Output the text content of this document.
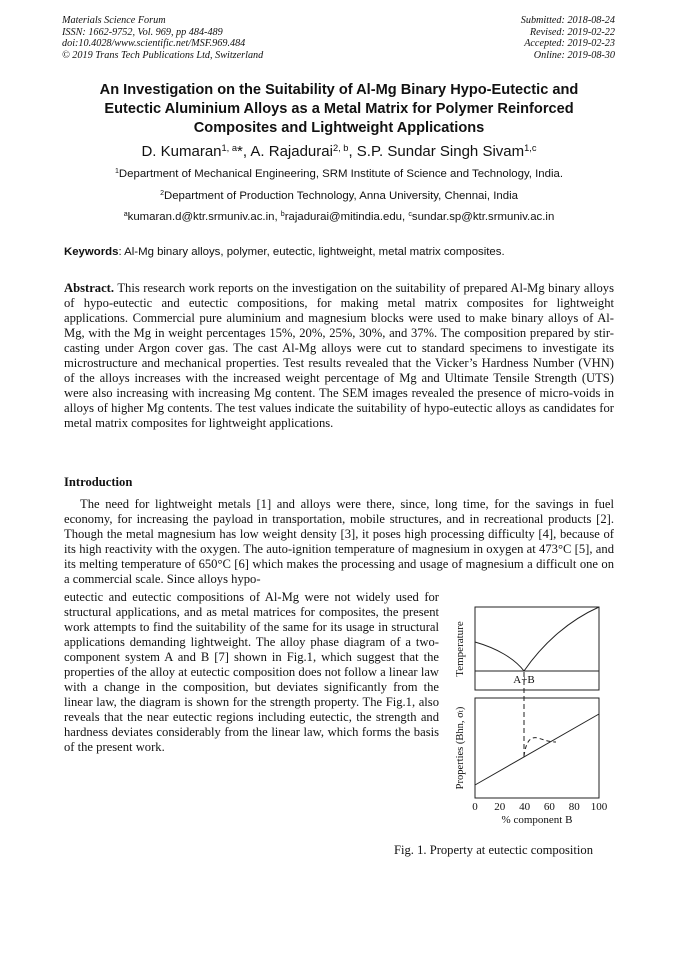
Materials Science Forum
ISSN: 1662-9752, Vol. 969, pp 484-489
doi:10.4028/www.scientific.net/MSF.969.484
© 2019 Trans Tech Publications Ltd, Switzerland
Submitted: 2018-08-24
Revised: 2019-02-22
Accepted: 2019-02-23
Online: 2019-08-30
An Investigation on the Suitability of Al-Mg Binary Hypo-Eutectic and
Eutectic Aluminium Alloys as a Metal Matrix for Polymer Reinforced
Composites and Lightweight Applications
D. Kumaran$^{1, a}$*, A. Rajadurai$^{2, b}$, S.P. Sundar Singh Sivam$^{1,c}$
$^1$Department of Mechanical Engineering, SRM Institute of Science and Technology, India.
$^2$Department of Production Technology, Anna University, Chennai, India
$^a$kumaran.d@ktr.srmuniv.ac.in, $^b$rajadurai@mitindia.edu, $^c$sundar.sp@ktr.srmuniv.ac.in
Keywords: Al-Mg binary alloys, polymer, eutectic, lightweight, metal matrix composites.
Abstract. This research work reports on the investigation on the suitability of prepared Al-Mg binary alloys of hypo-eutectic and eutectic compositions, for making metal matrix composites for lightweight applications. Commercial pure aluminium and magnesium blocks were used to make binary alloys of Al-Mg, with the Mg in weight percentages 15%, 20%, 25%, 30%, and 37%. The composition prepared by stir-casting under Argon cover gas. The cast Al-Mg alloys were cut to standard specimens to investigate its microstructure and mechanical properties. Test results revealed that the Vicker’s Hardness Number (VHN) of the alloys increases with the increased weight percentage of Mg and Ultimate Tensile Strength (UTS) were also increasing with increasing Mg content. The SEM images revealed the presence of micro-voids in alloys of higher Mg contents. The test values indicate the suitability of hypo-eutectic alloys as candidates for metal matrix composites for lightweight applications.
Introduction
The need for lightweight metals [1] and alloys were there, since, long time, for the savings in fuel economy, for increasing the payload in transportation, mobile structures, and in recreational products [2]. Though the metal magnesium has low weight density [3], it poses high processing difficulty [4], because of its high reactivity with the oxygen. The auto-ignition temperature of magnesium in oxygen at 473°C [5], and its melting temperature of 650°C [6] which makes the processing and usage of magnesium a difficult one on a commercial scale. Since alloys hypo-
eutectic and eutectic compositions of Al-Mg were not widely used for structural applications, and as metal matrices for composites, the present work attempts to find the suitability of the same for its usage in structural applications demanding lightweight. The alloy phase diagram of a two-component system A and B [7] shown in Fig.1, which suggest that the properties of the alloy at eutectic composition does not follow a linear law with a change in the composition, but deviates significantly from the linear law, the diagram is shown for the strength property. The Fig.1, also reveals that the near eutectic regions including eutectic, the strength and hardness deviates considerably from the linear law, which forms the basis of the present work.
A+B
Temperature
Properties (Bhn, σt)
0 20 40 60 80 100
% component B
Fig. 1. Property at eutectic composition
